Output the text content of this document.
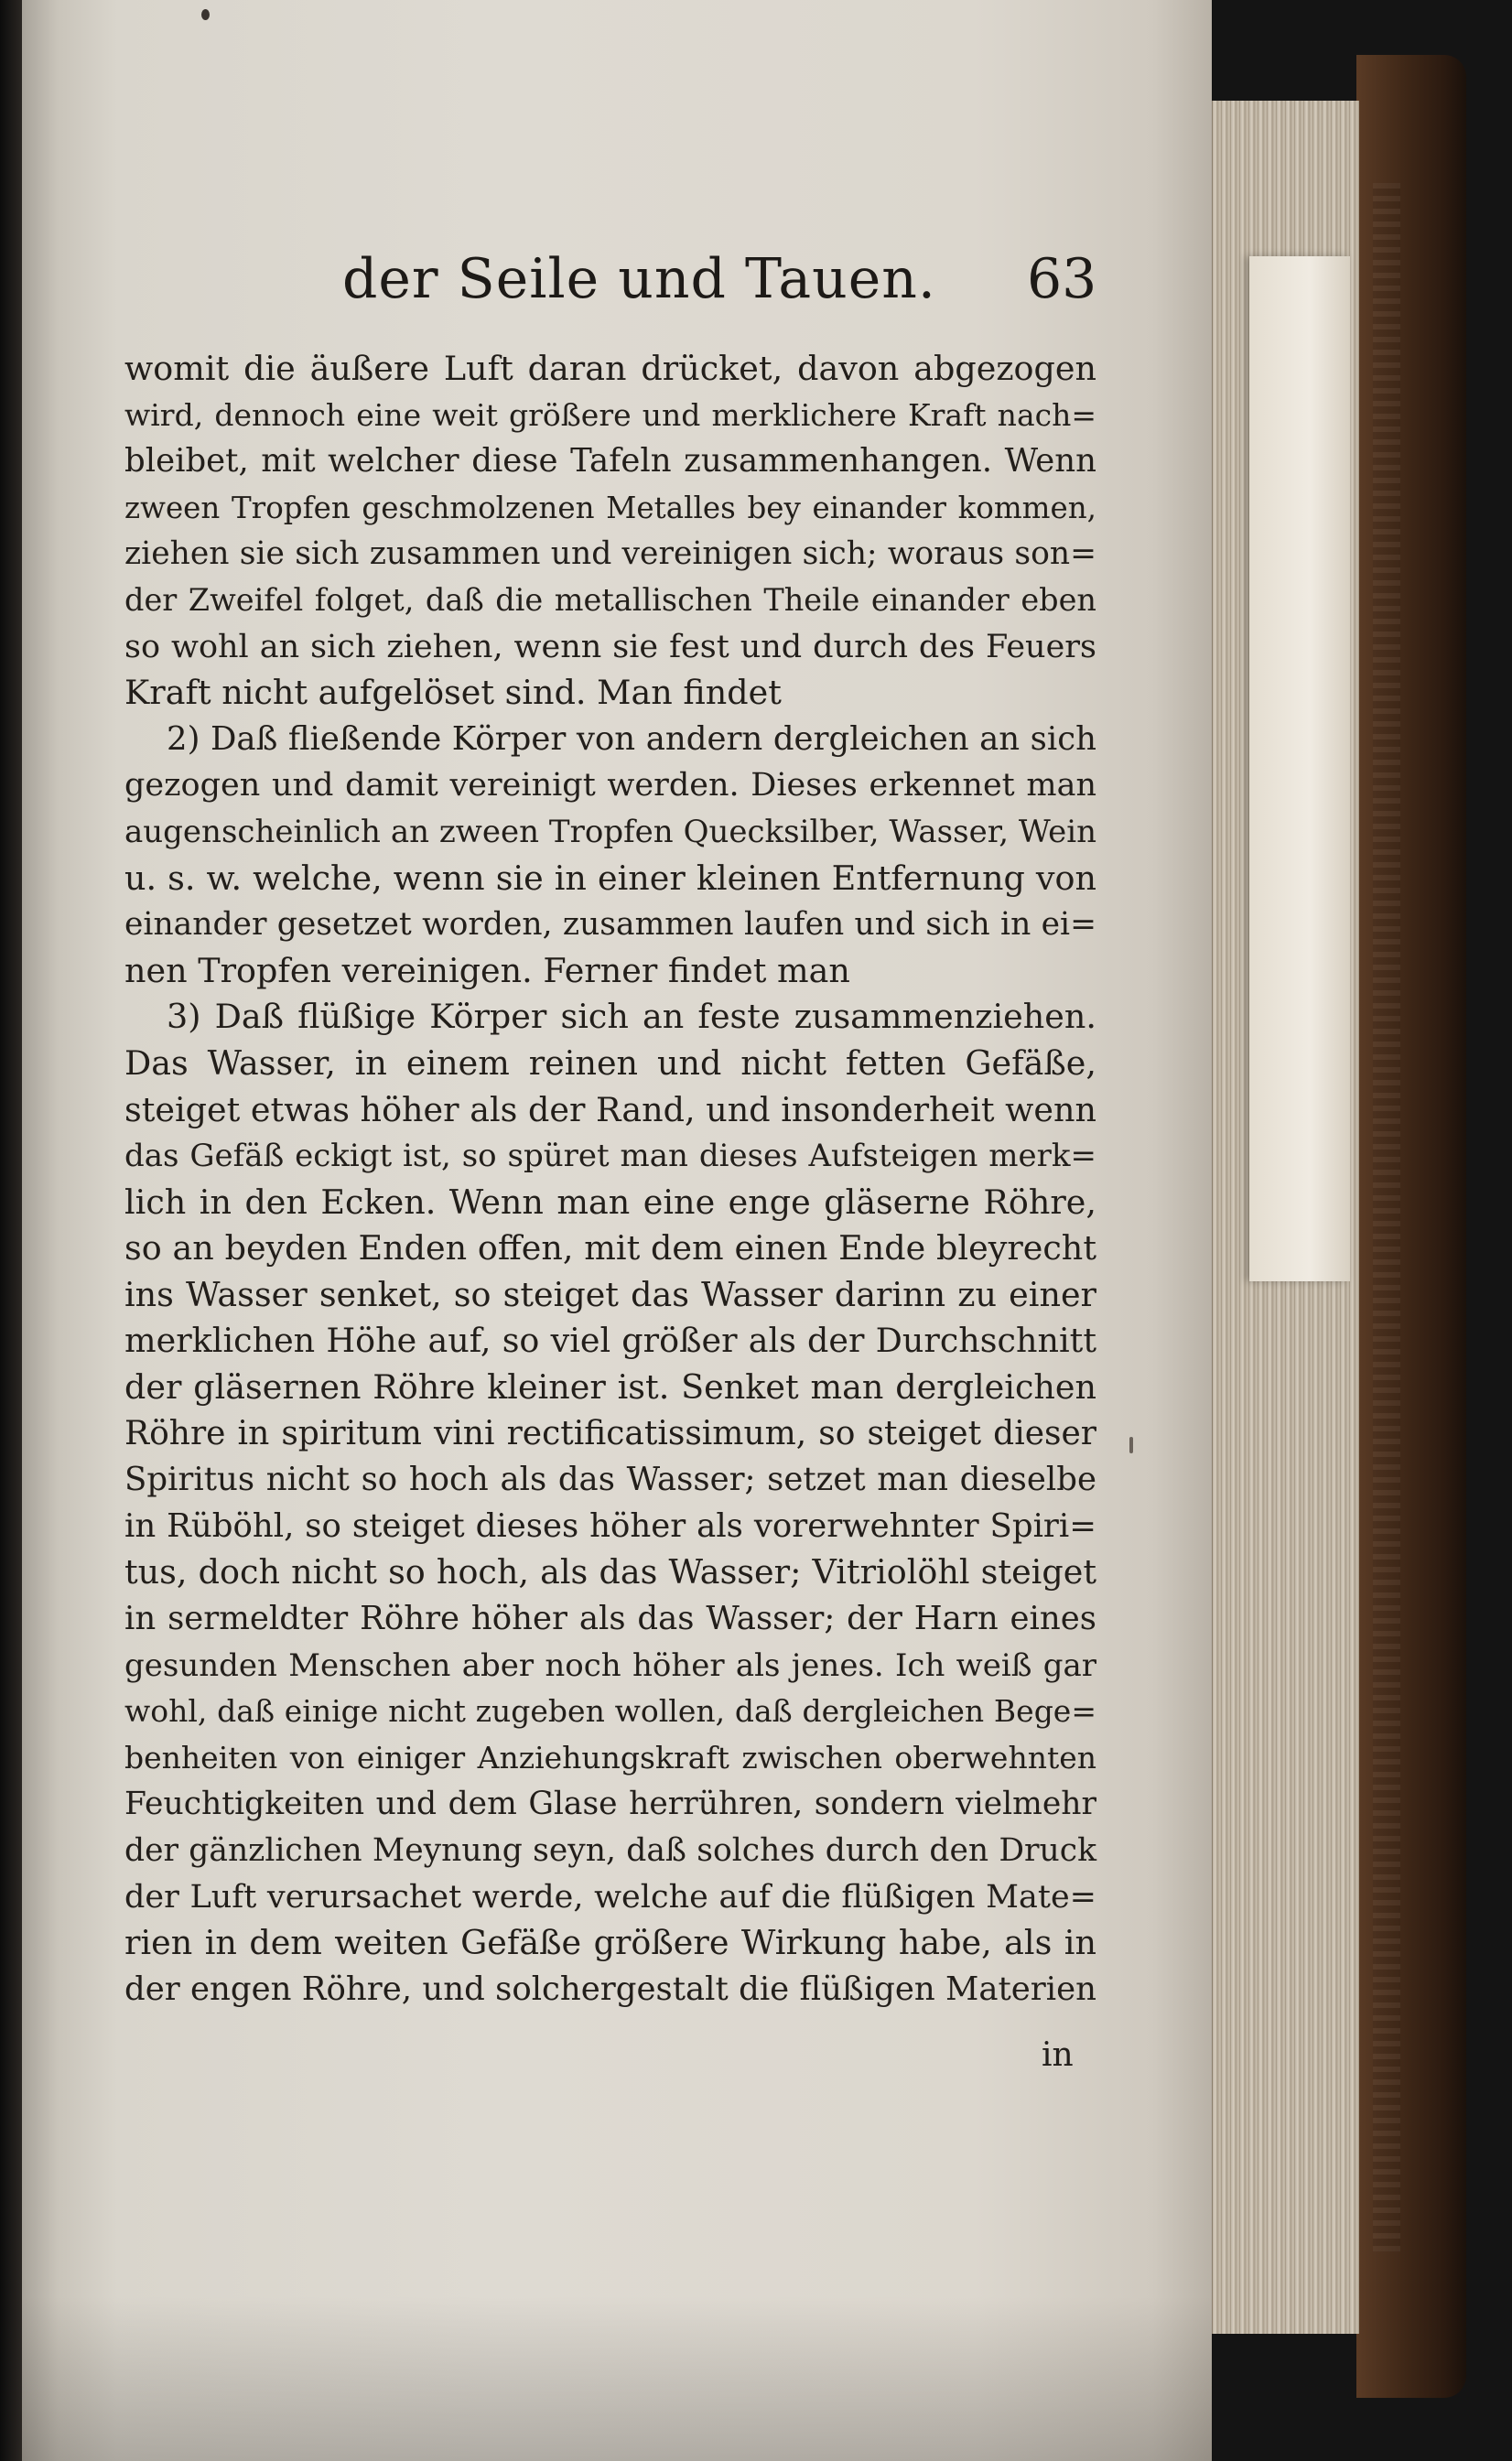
der Seile und Tauen. 63
womit die äußere Luft daran drücket, davon abgezogen
wird, dennoch eine weit größere und merklichere Kraft nach=
bleibet, mit welcher diese Tafeln zusammenhangen. Wenn
zween Tropfen geschmolzenen Metalles bey einander kommen,
ziehen sie sich zusammen und vereinigen sich; woraus son=
der Zweifel folget, daß die metallischen Theile einander eben
so wohl an sich ziehen, wenn sie fest und durch des Feuers
Kraft nicht aufgelöset sind. Man findet
2) Daß fließende Körper von andern dergleichen an sich
gezogen und damit vereinigt werden. Dieses erkennet man
augenscheinlich an zween Tropfen Quecksilber, Wasser, Wein
u. s. w. welche, wenn sie in einer kleinen Entfernung von
einander gesetzet worden, zusammen laufen und sich in ei=
nen Tropfen vereinigen. Ferner findet man
3) Daß flüßige Körper sich an feste zusammenziehen.
Das Wasser, in einem reinen und nicht fetten Gefäße,
steiget etwas höher als der Rand, und insonderheit wenn
das Gefäß eckigt ist, so spüret man dieses Aufsteigen merk=
lich in den Ecken. Wenn man eine enge gläserne Röhre,
so an beyden Enden offen, mit dem einen Ende bleyrecht
ins Wasser senket, so steiget das Wasser darinn zu einer
merklichen Höhe auf, so viel größer als der Durchschnitt
der gläsernen Röhre kleiner ist. Senket man dergleichen
Röhre in spiritum vini rectificatissimum, so steiget dieser
Spiritus nicht so hoch als das Wasser; setzet man dieselbe
in Rüböhl, so steiget dieses höher als vorerwehnter Spiri=
tus, doch nicht so hoch, als das Wasser; Vitriolöhl steiget
in sermeldter Röhre höher als das Wasser; der Harn eines
gesunden Menschen aber noch höher als jenes. Ich weiß gar
wohl, daß einige nicht zugeben wollen, daß dergleichen Bege=
benheiten von einiger Anziehungskraft zwischen oberwehnten
Feuchtigkeiten und dem Glase herrühren, sondern vielmehr
der gänzlichen Meynung seyn, daß solches durch den Druck
der Luft verursachet werde, welche auf die flüßigen Mate=
rien in dem weiten Gefäße größere Wirkung habe, als in
der engen Röhre, und solchergestalt die flüßigen Materien
in
